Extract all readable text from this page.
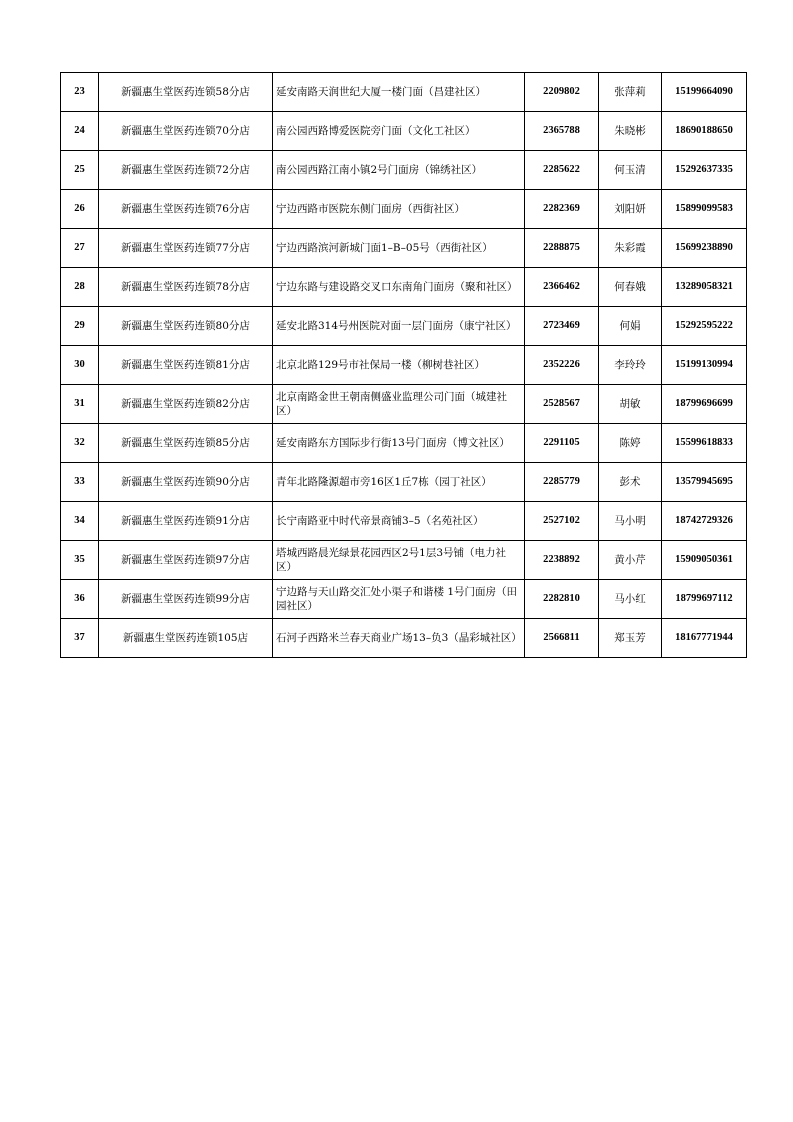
23	新疆惠生堂医药连锁58分店	延安南路天润世纪大厦一楼门面（昌建社区）	2209802	张萍莉	15199664090
24	新疆惠生堂医药连锁70分店	南公园西路博爱医院旁门面（文化工社区）	2365788	朱晓彬	18690188650
25	新疆惠生堂医药连锁72分店	南公园西路江南小镇2号门面房（锦绣社区）	2285622	何玉清	15292637335
26	新疆惠生堂医药连锁76分店	宁边西路市医院东侧门面房（西街社区）	2282369	刘阳妍	15899099583
27	新疆惠生堂医药连锁77分店	宁边西路滨河新城门面1–B–05号（西街社区）	2288875	朱彩霞	15699238890
28	新疆惠生堂医药连锁78分店	宁边东路与建设路交叉口东南角门面房（聚和社区）	2366462	何春娥	13289058321
29	新疆惠生堂医药连锁80分店	延安北路314号州医院对面一层门面房（康宁社区）	2723469	何娟	15292595222
30	新疆惠生堂医药连锁81分店	北京北路129号市社保局一楼（柳树巷社区）	2352226	李玲玲	15199130994
31	新疆惠生堂医药连锁82分店	北京南路金世王朝南侧盛业监理公司门面（城建社区）	2528567	胡敏	18799696699
32	新疆惠生堂医药连锁85分店	延安南路东方国际步行街13号门面房（博文社区）	2291105	陈婷	15599618833
33	新疆惠生堂医药连锁90分店	青年北路隆源超市旁16区1丘7栋（园丁社区）	2285779	彭术	13579945695
34	新疆惠生堂医药连锁91分店	长宁南路亚中时代帝景商铺3–5（名苑社区）	2527102	马小明	18742729326
35	新疆惠生堂医药连锁97分店	塔城西路晨光绿景花园西区2号1层3号铺（电力社区）	2238892	黄小芹	15909050361
36	新疆惠生堂医药连锁99分店	宁边路与天山路交汇处小渠子和谐楼 1号门面房（田园社区）	2282810	马小红	18799697112
37	新疆惠生堂医药连锁105店	石河子西路米兰春天商业广场13–负3（晶彩城社区）	2566811	郑玉芳	18167771944
